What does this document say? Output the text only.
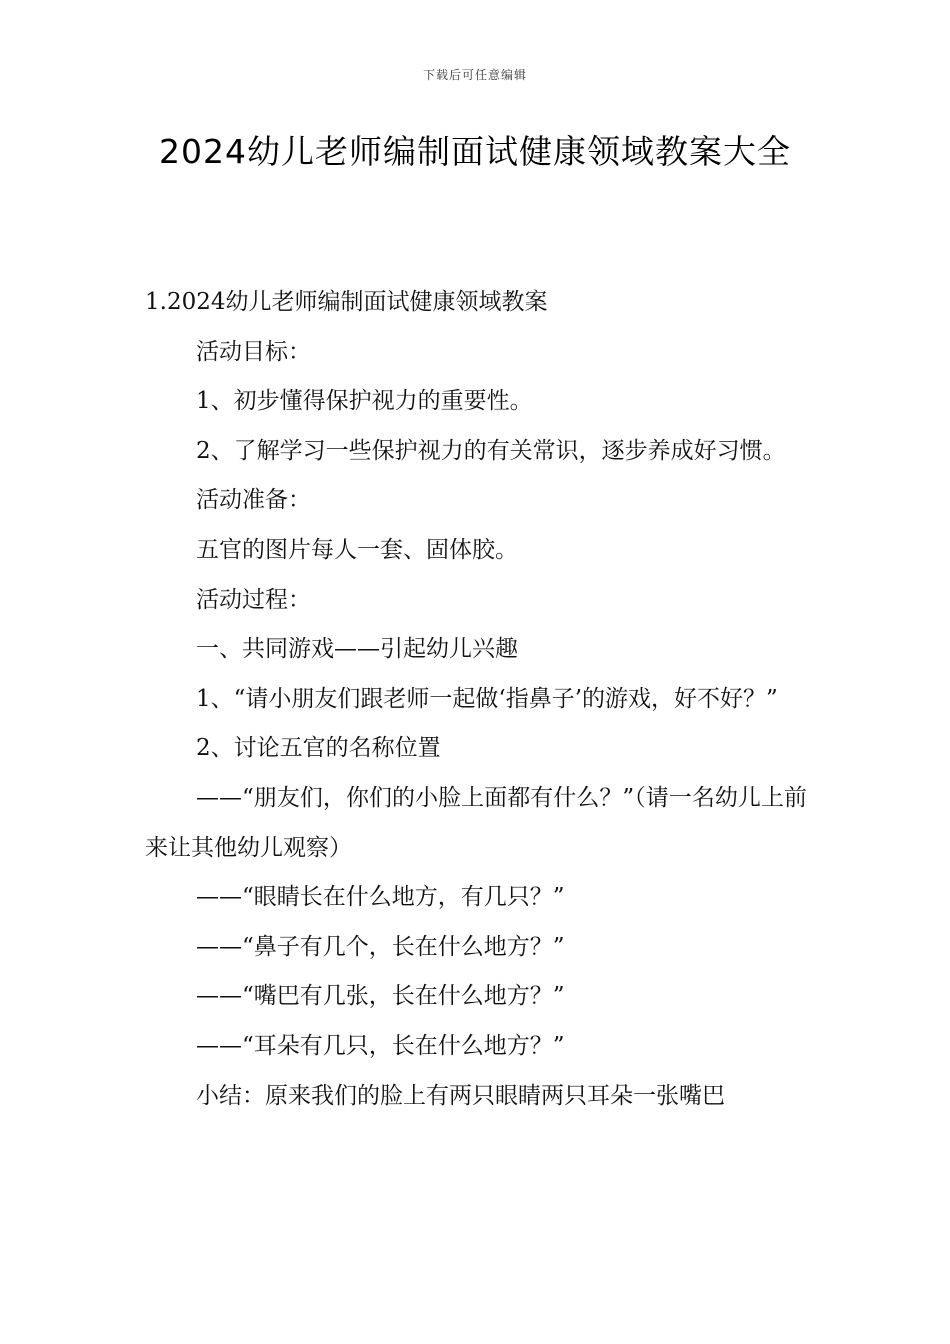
下载后可任意编辑
2024幼儿老师编制面试健康领域教案大全

1.2024幼儿老师编制面试健康领域教案

活动目标：

1、初步懂得保护视力的重要性。

2、了解学习一些保护视力的有关常识，逐步养成好习惯。

活动准备：

五官的图片每人一套、固体胶。

活动过程：

一、共同游戏——引起幼儿兴趣

1、“请小朋友们跟老师一起做‘指鼻子’的游戏，好不好？”

2、讨论五官的名称位置

——“朋友们，你们的小脸上面都有什么？”（请一名幼儿上前来让其他幼儿观察）

——“眼睛长在什么地方，有几只？”

——“鼻子有几个，长在什么地方？”

——“嘴巴有几张，长在什么地方？”

——“耳朵有几只，长在什么地方？”

小结：原来我们的脸上有两只眼睛两只耳朵一张嘴巴
